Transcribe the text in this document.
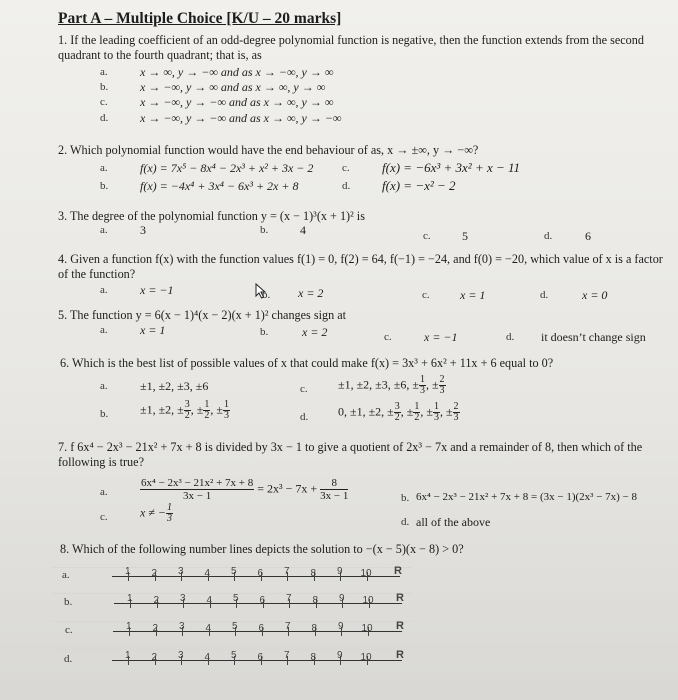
Part A – Multiple Choice [K/U – 20 marks]
1. If the leading coefficient of an odd-degree polynomial function is negative, then the function extends from the second quadrant to the fourth quadrant; that is, as
a.	x → ∞, y → −∞ and as x → −∞, y → ∞
b.	x → −∞, y → ∞ and as x → ∞, y → ∞
c.	x → −∞, y → −∞ and as x → ∞, y → ∞
d.	x → −∞, y → −∞ and as x → ∞, y → −∞
2. Which polynomial function would have the end behaviour of as, x → ±∞, y → −∞?
a.	f(x) = 7x⁵ − 8x⁴ − 2x³ + x² + 3x − 2	c. f(x) = −6x³ + 3x² + x − 11
b.	f(x) = −4x⁴ + 3x⁴ − 6x³ + 2x + 8	d. f(x) = −x² − 2
3. The degree of the polynomial function y = (x − 1)³(x + 1)² is
a.	3	b.	4	c.	5	d.	6
4. Given a function f(x) with the function values f(1) = 0, f(2) = 64, f(−1) = −24, and f(0) = −20, which value of x is a factor of the function?
a.	x = −1	b. x = 2	c.	x = 1	d.	x = 0
5. The function y = 6(x − 1)⁴(x − 2)(x + 1)² changes sign at
a.	x = 1	b.	x = 2	c.	x = −1	d. it doesn’t change sign
6. Which is the best list of possible values of x that could make f(x) = 3x³ + 6x² + 11x + 6 equal to 0?
a.	±1, ±2, ±3, ±6	c.	±1, ±2, ±3, ±6, ± $\frac{1}{3}$ , ± $\frac{2}{3}$
b.	±1, ±2, ± $\frac{3}{2}$ , ± $\frac{1}{2}$ , ± $\frac{1}{3}$	d. 0, ±1, ±2, ± $\frac{3}{2}$ , ± $\frac{1}{2}$ , ± $\frac{1}{3}$ , ± $\frac{2}{3}$
7. f 6x⁴ − 2x³ − 21x² + 7x + 8 is divided by 3x − 1 to give a quotient of 2x³ − 7x and a remainder of 8, then which of the following is true?
a.	$\frac{\text{6x⁴ − 2x³ − 21x² + 7x + 8}}{3x - 1} = 2x^3 - 7x + \frac{8}{3x - 1}$	b. 6x⁴ − 2x³ − 21x² + 7x + 8 = (3x − 1)(2x³ − 7x) − 8
c.	x ≠ − $\frac{1}{3}$	d. all of the above
8. Which of the following number lines depicts the solution to −(x − 5)(x − 8) > 0?
a.	1 2 3 4 5 6 7 8 9 10 R
b.	1 2 3 4 5 6 7 8 9 10 R
c.	1 2 3 4 5 6 7 8 9 10 R
d.	1 2 3 4 5 6 7 8 9 10 R
